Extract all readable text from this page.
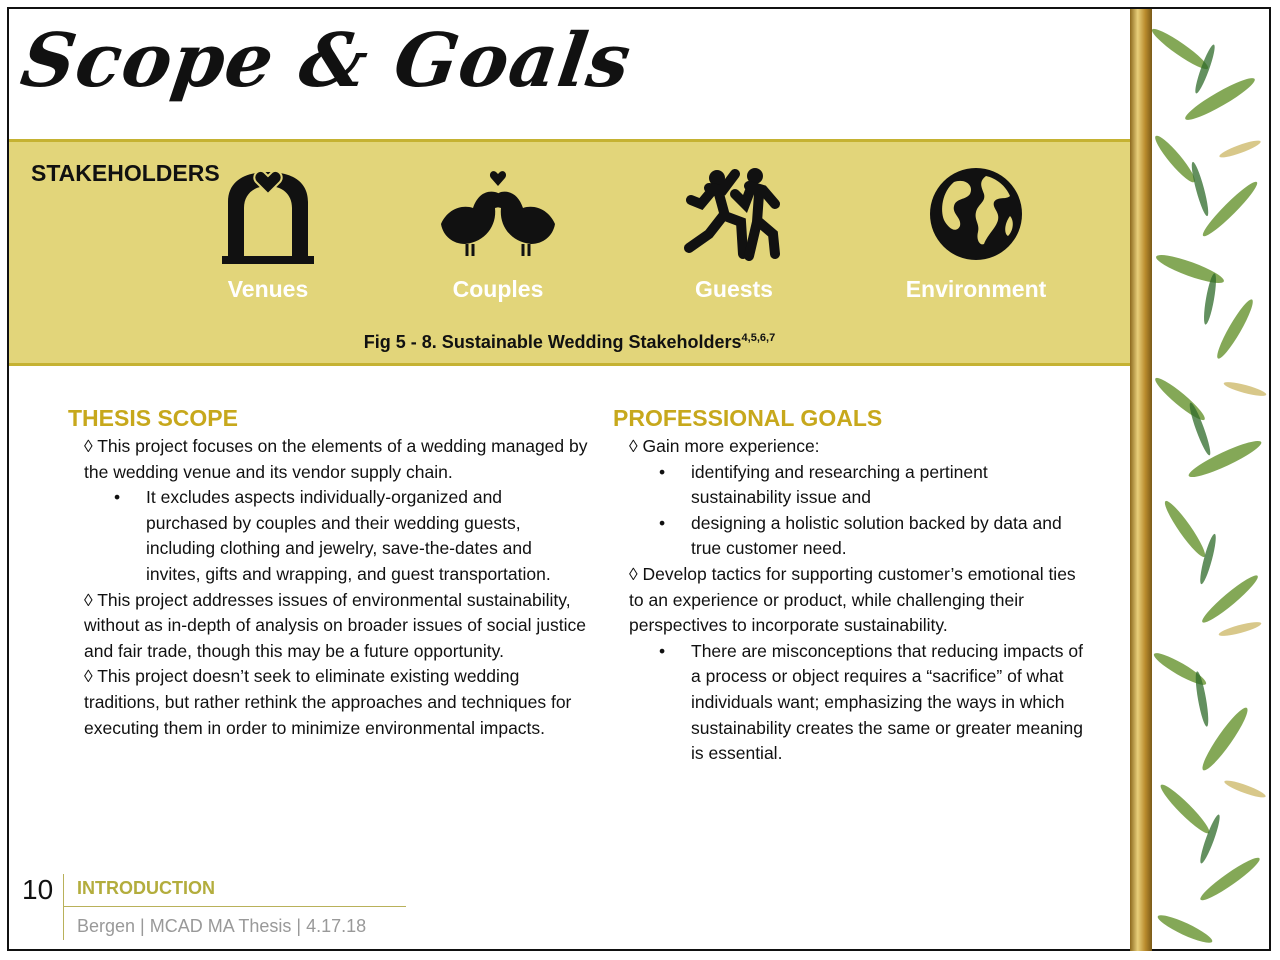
Scope & Goals
STAKEHOLDERS
Venues	Couples	Guests	Environment
Fig 5 - 8. Sustainable Wedding Stakeholders$^{4,5,6,7}$
THESIS SCOPE
◊ This project focuses on the elements of a wedding managed by the wedding venue and its vendor supply chain.
• It excludes aspects individually-organized and purchased by couples and their wedding guests, including clothing and jewelry, save-the-dates and invites, gifts and wrapping, and guest transportation.
◊ This project addresses issues of environmental sustainability, without as in-depth of analysis on broader issues of social justice and fair trade, though this may be a future opportunity.
◊ This project doesn’t seek to eliminate existing wedding traditions, but rather rethink the approaches and techniques for executing them in order to minimize environmental impacts.
PROFESSIONAL GOALS
◊ Gain more experience:
• identifying and researching a pertinent sustainability issue and
• designing a holistic solution backed by data and true customer need.
◊ Develop tactics for supporting customer’s emotional ties to an experience or product, while challenging their perspectives to incorporate sustainability.
• There are misconceptions that reducing impacts of a process or object requires a “sacrifice” of what individuals want; emphasizing the ways in which sustainability creates the same or greater meaning is essential.
10 INTRODUCTION
Bergen | MCAD MA Thesis | 4.17.18
